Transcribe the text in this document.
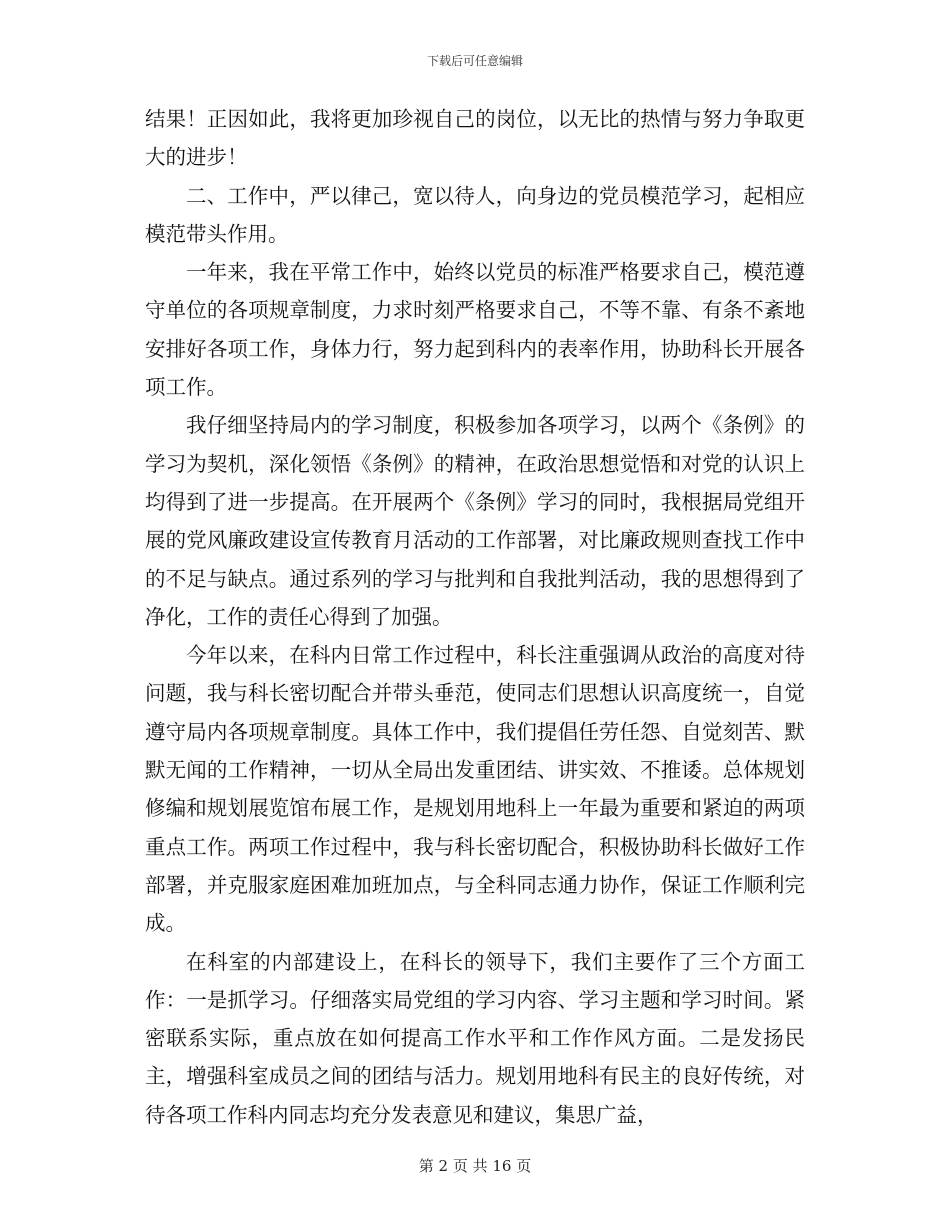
下载后可任意编辑

结果！正因如此，我将更加珍视自己的岗位，以无比的热情与努力争取更大的进步！

二、工作中，严以律己，宽以待人，向身边的党员模范学习，起相应模范带头作用。

一年来，我在平常工作中，始终以党员的标准严格要求自己，模范遵守单位的各项规章制度，力求时刻严格要求自己，不等不靠、有条不紊地安排好各项工作，身体力行，努力起到科内的表率作用，协助科长开展各项工作。

我仔细坚持局内的学习制度，积极参加各项学习，以两个《条例》的学习为契机，深化领悟《条例》的精神，在政治思想觉悟和对党的认识上均得到了进一步提高。在开展两个《条例》学习的同时，我根据局党组开展的党风廉政建设宣传教育月活动的工作部署，对比廉政规则查找工作中的不足与缺点。通过系列的学习与批判和自我批判活动，我的思想得到了净化，工作的责任心得到了加强。

今年以来，在科内日常工作过程中，科长注重强调从政治的高度对待问题，我与科长密切配合并带头垂范，使同志们思想认识高度统一，自觉遵守局内各项规章制度。具体工作中，我们提倡任劳任怨、自觉刻苦、默默无闻的工作精神，一切从全局出发重团结、讲实效、不推诿。总体规划修编和规划展览馆布展工作，是规划用地科上一年最为重要和紧迫的两项重点工作。两项工作过程中，我与科长密切配合，积极协助科长做好工作部署，并克服家庭困难加班加点，与全科同志通力协作，保证工作顺利完成。

在科室的内部建设上，在科长的领导下，我们主要作了三个方面工作：一是抓学习。仔细落实局党组的学习内容、学习主题和学习时间。紧密联系实际，重点放在如何提高工作水平和工作作风方面。二是发扬民主，增强科室成员之间的团结与活力。规划用地科有民主的良好传统，对待各项工作科内同志均充分发表意见和建议，集思广益，

第 2 页 共 16 页
